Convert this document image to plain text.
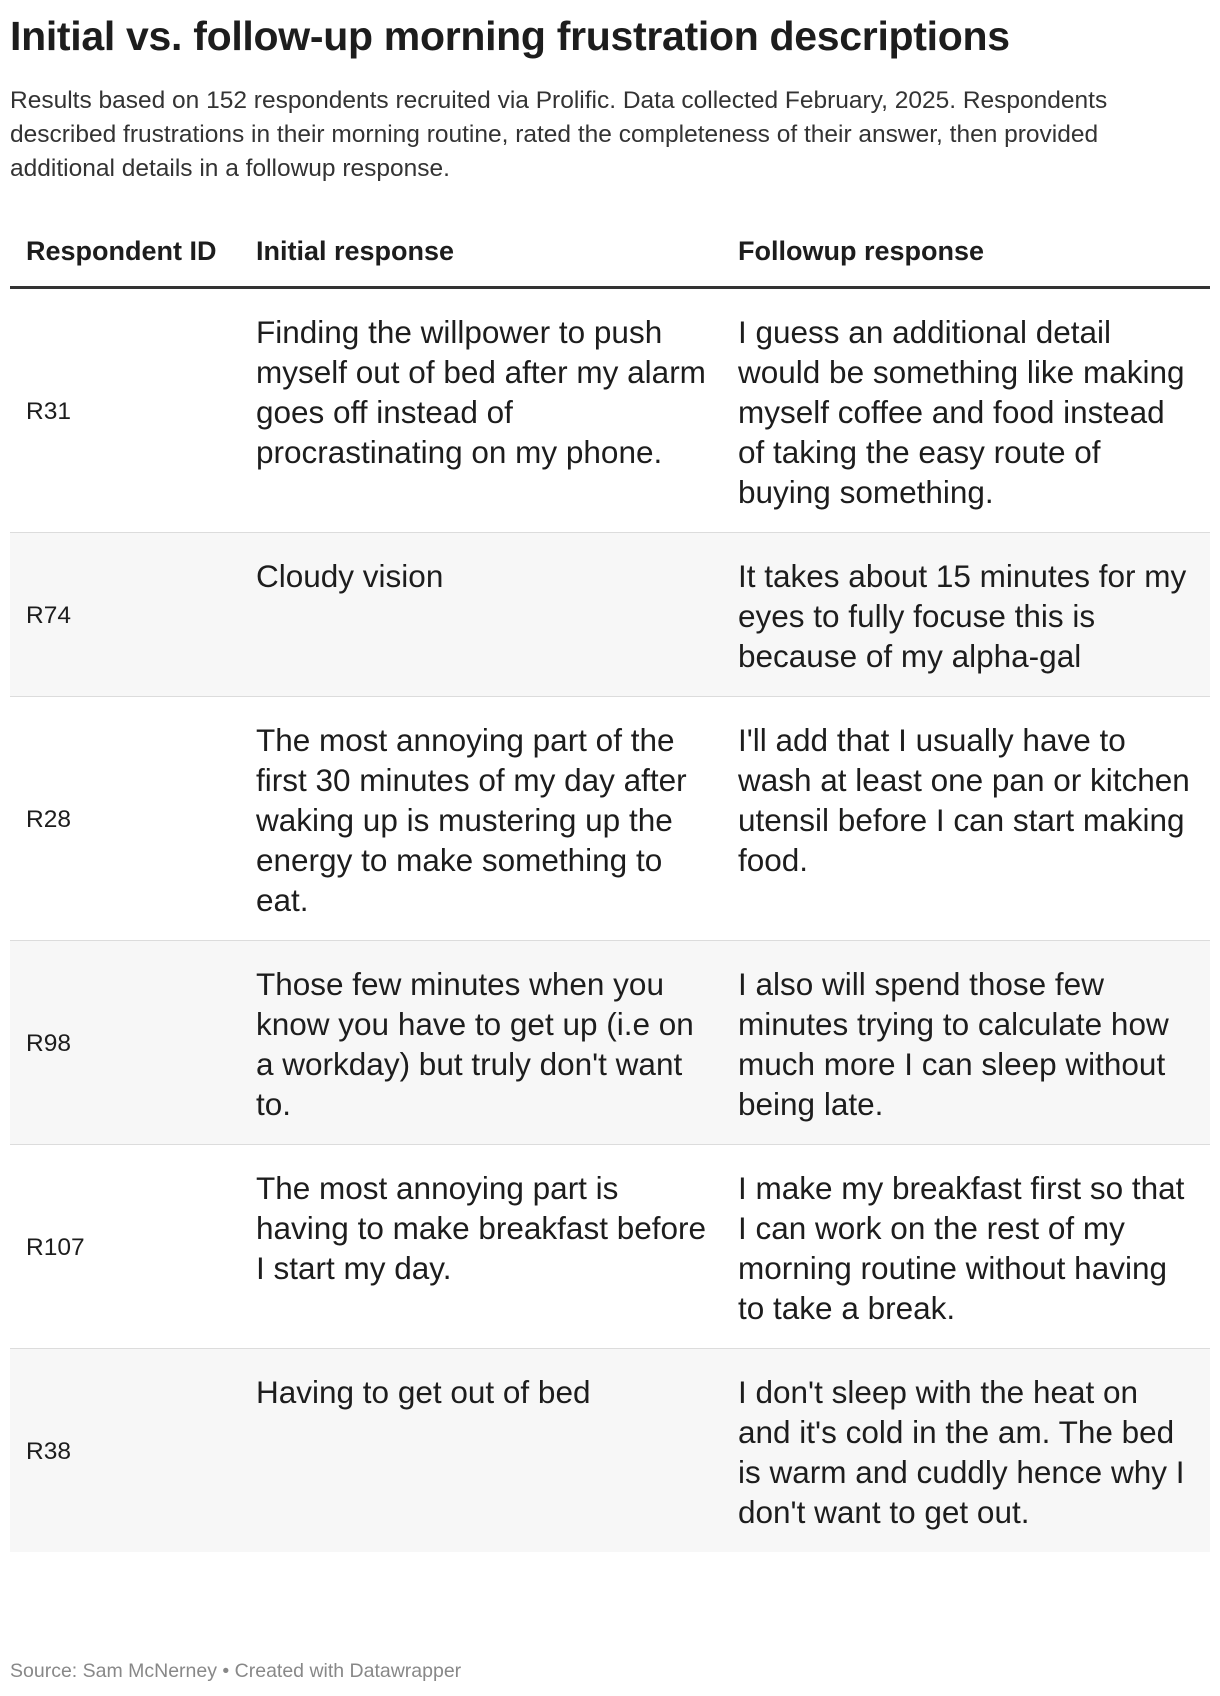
Initial vs. follow-up morning frustration descriptions

Results based on 152 respondents recruited via Prolific. Data collected February, 2025. Respondents described frustrations in their morning routine, rated the completeness of their answer, then provided additional details in a followup response.

Respondent ID	Initial response	Followup response
R31	Finding the willpower to push myself out of bed after my alarm goes off instead of procrastinating on my phone.	I guess an additional detail would be something like making myself coffee and food instead of taking the easy route of buying something.
R74	Cloudy vision	It takes about 15 minutes for my eyes to fully focuse this is because of my alpha-gal
R28	The most annoying part of the first 30 minutes of my day after waking up is mustering up the energy to make something to eat.	I'll add that I usually have to wash at least one pan or kitchen utensil before I can start making food.
R98	Those few minutes when you know you have to get up (i.e on a workday) but truly don't want to.	I also will spend those few minutes trying to calculate how much more I can sleep without being late.
R107	The most annoying part is having to make breakfast before I start my day.	I make my breakfast first so that I can work on the rest of my morning routine without having to take a break.
R38	Having to get out of bed	I don't sleep with the heat on and it's cold in the am. The bed is warm and cuddly hence why I don't want to get out.
Source: Sam McNerney • Created with Datawrapper
